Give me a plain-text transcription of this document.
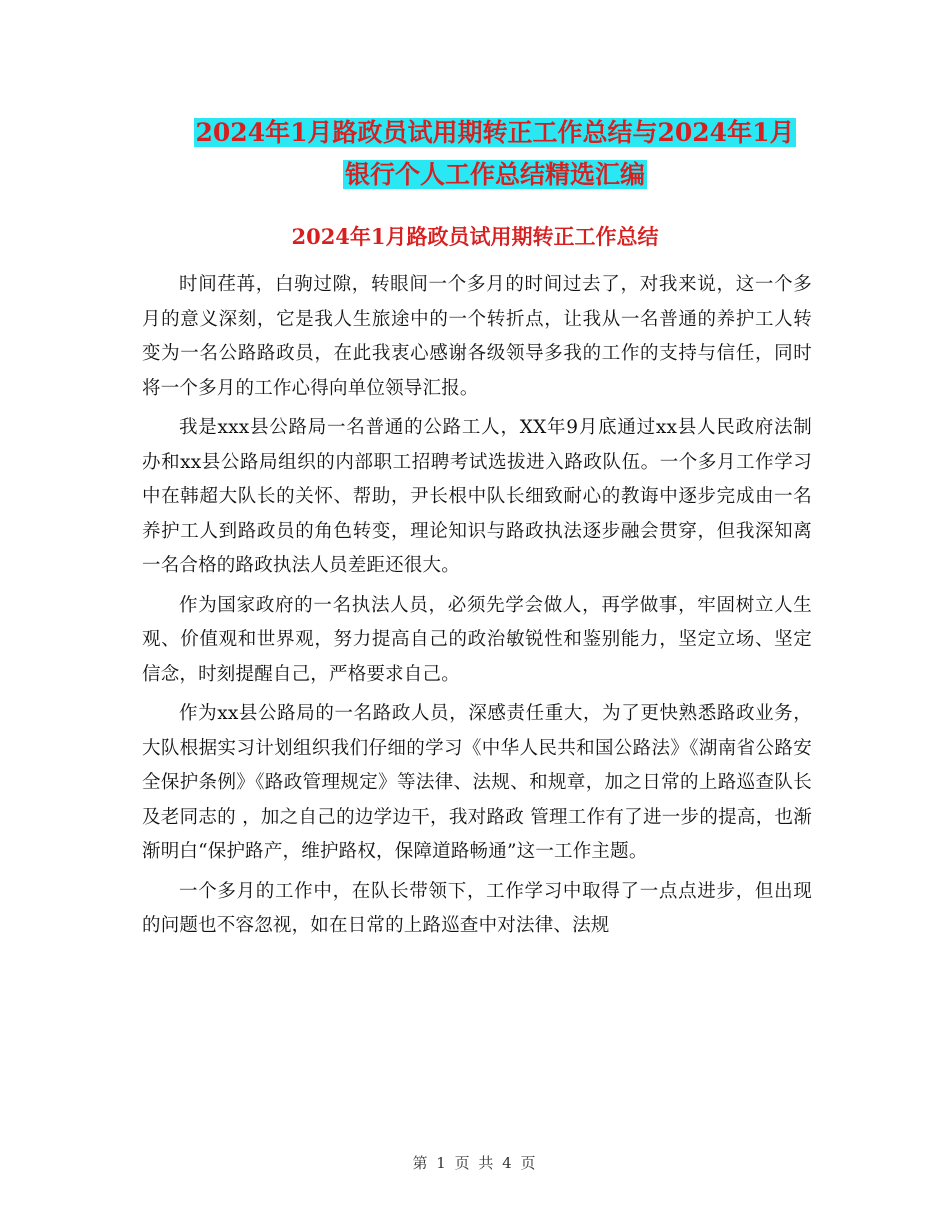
2024年1月路政员试用期转正工作总结与2024年1月
银行个人工作总结精选汇编
2024年1月路政员试用期转正工作总结

时间荏苒，白驹过隙，转眼间一个多月的时间过去了，对我来说，这一个多月的意义深刻，它是我人生旅途中的一个转折点，让我从一名普通的养护工人转变为一名公路路政员，在此我衷心感谢各级领导多我的工作的支持与信任，同时将一个多月的工作心得向单位领导汇报。

我是xxx县公路局一名普通的公路工人，XX年9月底通过xx县人民政府法制办和xx县公路局组织的内部职工招聘考试选拔进入路政队伍。一个多月工作学习中在韩超大队长的关怀、帮助，尹长根中队长细致耐心的教诲中逐步完成由一名养护工人到路政员的角色转变，理论知识与路政执法逐步融会贯穿，但我深知离一名合格的路政执法人员差距还很大。

作为国家政府的一名执法人员，必须先学会做人，再学做事，牢固树立人生观、价值观和世界观，努力提高自己的政治敏锐性和鉴别能力，坚定立场、坚定信念，时刻提醒自己，严格要求自己。

作为xx县公路局的一名路政人员，深感责任重大，为了更快熟悉路政业务，大队根据实习计划组织我们仔细的学习《中华人民共和国公路法》《湖南省公路安全保护条例》《路政管理规定》等法律、法规、和规章，加之日常的上路巡查队长及老同志的 ，加之自己的边学边干，我对路政 管理工作有了进一步的提高，也渐渐明白“保护路产，维护路权，保障道路畅通”这一工作主题。

一个多月的工作中，在队长带领下，工作学习中取得了一点点进步，但出现的问题也不容忽视，如在日常的上路巡查中对法律、法规

第 1 页 共 4 页
